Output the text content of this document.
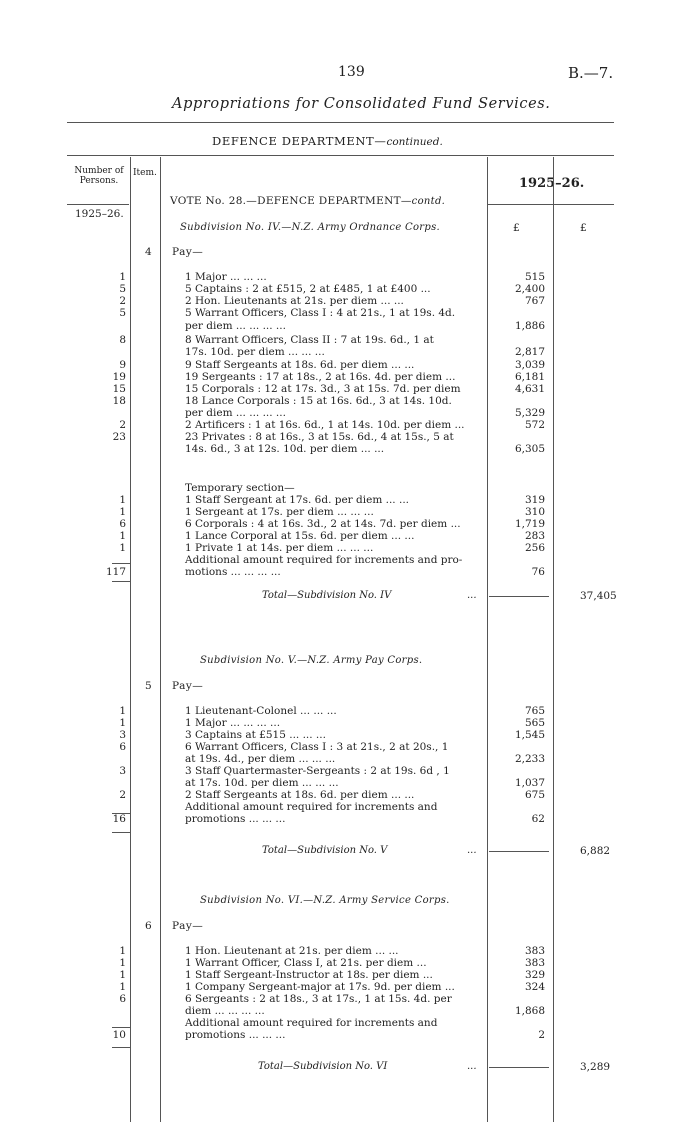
139	B.—7.
Appropriations for Consolidated Fund Services.
DEFENCE DEPARTMENT—continued.
Number of Persons.
Item.
1925–26.
VOTE No. 28.—DEFENCE DEPARTMENT—contd.
1925–26.
£	£
Subdivision No. IV.—N.Z. Army Ordnance Corps.
4 Pay—
1	1 Major ... ... ...	515
5	5 Captains : 2 at £515, 2 at £485, 1 at £400 ...	2,400
2	2 Hon. Lieutenants at 21s. per diem ... ...	767
5	5 Warrant Officers, Class I : 4 at 21s., 1 at 19s. 4d.
per diem ... ... ... ...	1,886
8	8 Warrant Officers, Class II : 7 at 19s. 6d., 1 at
17s. 10d. per diem ... ... ...	2,817
9	9 Staff Sergeants at 18s. 6d. per diem ... ...	3,039
19	19 Sergeants : 17 at 18s., 2 at 16s. 4d. per diem ...	6,181
15	15 Corporals : 12 at 17s. 3d., 3 at 15s. 7d. per diem	4,631
18	18 Lance Corporals : 15 at 16s. 6d., 3 at 14s. 10d.
per diem ... ... ... ...	5,329
2	2 Artificers : 1 at 16s. 6d., 1 at 14s. 10d. per diem ...	572
23	23 Privates : 8 at 16s., 3 at 15s. 6d., 4 at 15s., 5 at
14s. 6d., 3 at 12s. 10d. per diem ... ...	6,305
Temporary section—
1	1 Staff Sergeant at 17s. 6d. per diem ... ...	319
1	1 Sergeant at 17s. per diem ... ... ...	310
6	6 Corporals : 4 at 16s. 3d., 2 at 14s. 7d. per diem ...	1,719
1	1 Lance Corporal at 15s. 6d. per diem ... ...	283
1	1 Private 1 at 14s. per diem ... ... ...	256
Additional amount required for increments and pro-
117	motions ... ... ... ...	76
Total—Subdivision No. IV	...	37,405
Subdivision No. V.—N.Z. Army Pay Corps.
5 Pay—
1	1 Lieutenant-Colonel ... ... ...	765
1	1 Major ... ... ... ...	565
3	3 Captains at £515 ... ... ...	1,545
6	6 Warrant Officers, Class I : 3 at 21s., 2 at 20s., 1
at 19s. 4d., per diem ... ... ...	2,233
3	3 Staff Quartermaster-Sergeants : 2 at 19s. 6d , 1
at 17s. 10d. per diem ... ... ...	1,037
2	2 Staff Sergeants at 18s. 6d. per diem ... ...	675
Additional amount required for increments and
16	promotions ... ... ...	62
Total—Subdivision No. V	...	6,882
Subdivision No. VI.—N.Z. Army Service Corps.
6 Pay—
1	1 Hon. Lieutenant at 21s. per diem ... ...	383
1	1 Warrant Officer, Class I, at 21s. per diem ...	383
1	1 Staff Sergeant-Instructor at 18s. per diem ...	329
1	1 Company Sergeant-major at 17s. 9d. per diem ...	324
6	6 Sergeants : 2 at 18s., 3 at 17s., 1 at 15s. 4d. per
diem ... ... ... ...	1,868
Additional amount required for increments and
10	promotions ... ... ...	2
Total—Subdivision No. VI	...	3,289
